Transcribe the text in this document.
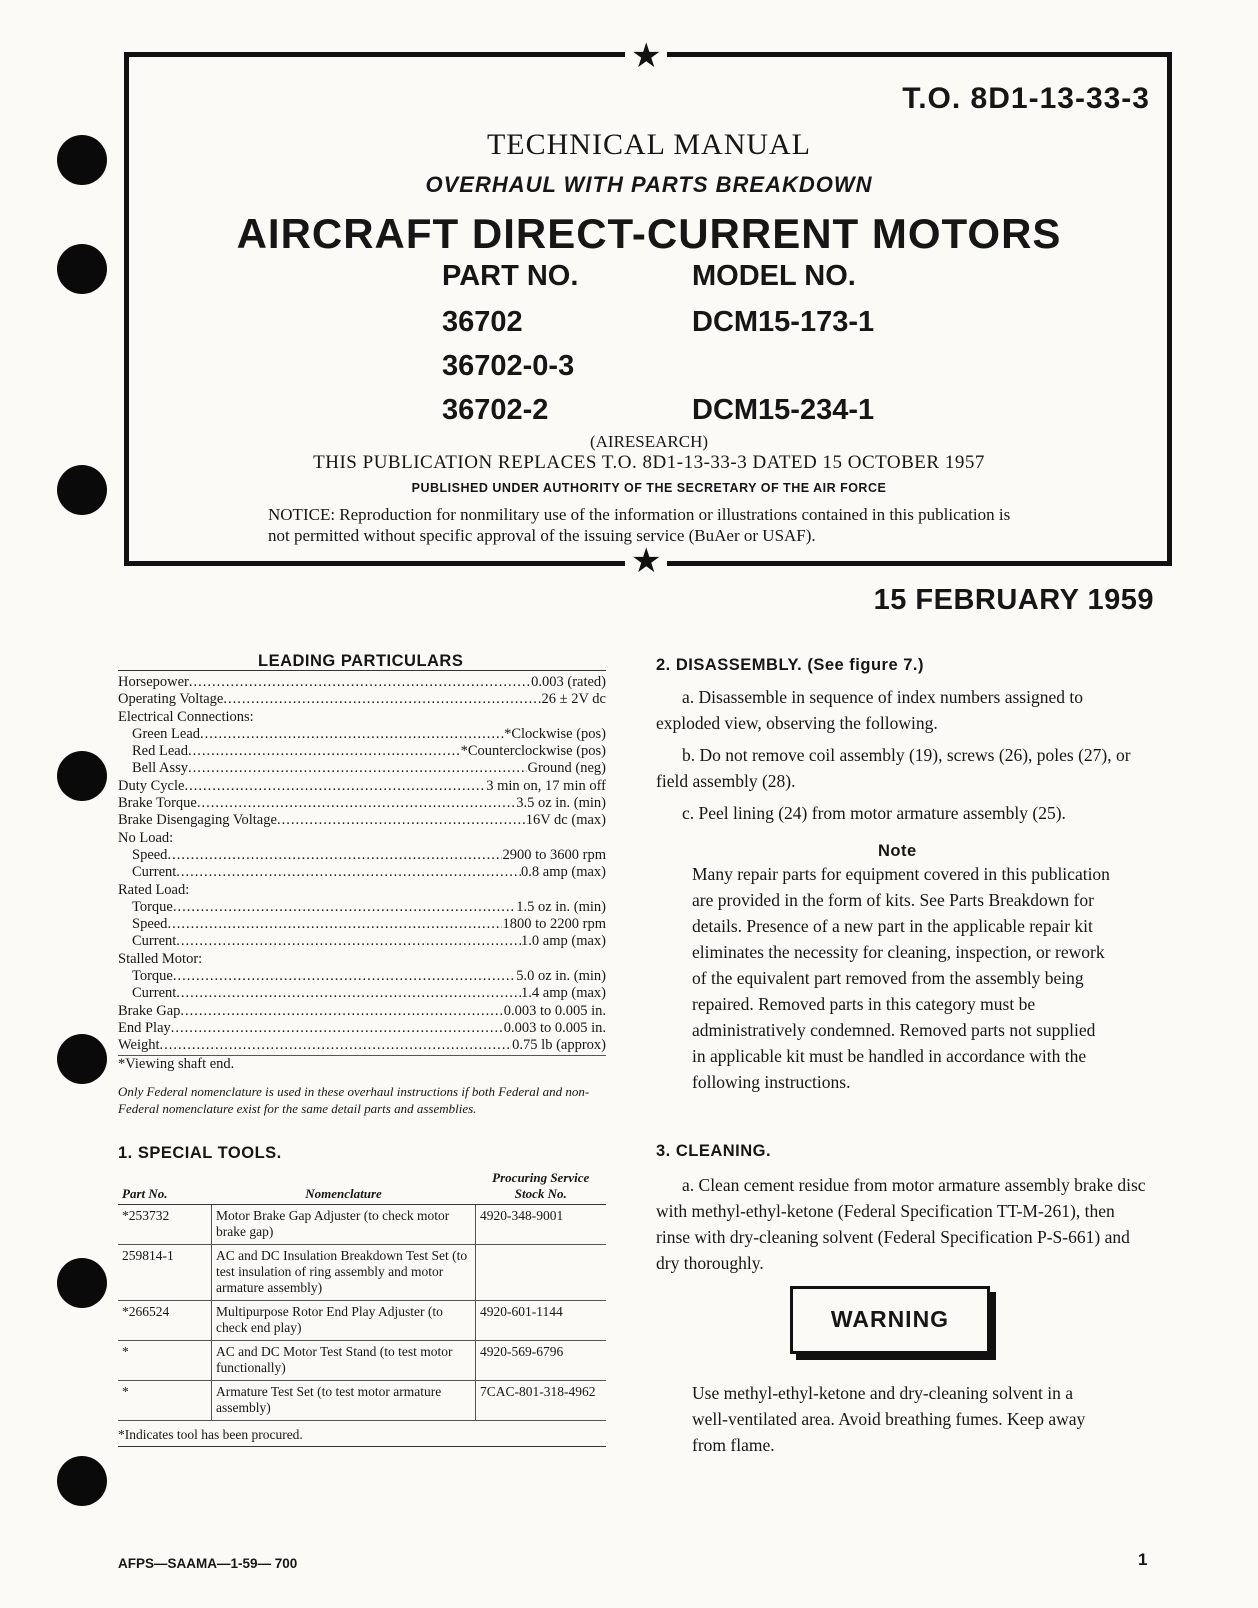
★
★
T.O. 8D1-13-33-3
TECHNICAL MANUAL
OVERHAUL WITH PARTS BREAKDOWN
AIRCRAFT DIRECT-CURRENT MOTORS
PART NO.	MODEL NO.
36702	DCM15-173-1
36702-0-3
36702-2	DCM15-234-1
(AIRESEARCH)
THIS PUBLICATION REPLACES T.O. 8D1-13-33-3 DATED 15 OCTOBER 1957
PUBLISHED UNDER AUTHORITY OF THE SECRETARY OF THE AIR FORCE
NOTICE: Reproduction for nonmilitary use of the information or illustrations contained in this publication is not permitted without specific approval of the issuing service (BuAer or USAF).
15 FEBRUARY 1959
LEADING PARTICULARS
Horsepower .....	0.003 (rated)
Operating Voltage .....	26 ± 2V dc
Electrical Connections:
Green Lead .....	*Clockwise (pos)
Red Lead .....	*Counterclockwise (pos)
Bell Assy .....	Ground (neg)
Duty Cycle .....	3 min on, 17 min off
Brake Torque .....	3.5 oz in. (min)
Brake Disengaging Voltage .....	16V dc (max)
No Load:
Speed .....	2900 to 3600 rpm
Current .....	0.8 amp (max)
Rated Load:
Torque .....	1.5 oz in. (min)
Speed .....	1800 to 2200 rpm
Current .....	1.0 amp (max)
Stalled Motor:
Torque .....	5.0 oz in. (min)
Current .....	1.4 amp (max)
Brake Gap .....	0.003 to 0.005 in.
End Play .....	0.003 to 0.005 in.
Weight .....	0.75 lb (approx)
*Viewing shaft end.
Only Federal nomenclature is used in these overhaul instructions if both Federal and non-Federal nomenclature exist for the same detail parts and assemblies.
1. SPECIAL TOOLS.
Part No.	Nomenclature	Procuring Service
Stock No.

*253732	Motor Brake Gap Adjuster (to check motor brake gap)	4920-348-9001
259814-1	AC and DC Insulation Breakdown Test Set (to test insulation of ring assembly and motor armature assembly)	
*266524	Multipurpose Rotor End Play Adjuster (to check end play)	4920-601-1144
*	AC and DC Motor Test Stand (to test motor functionally)	4920-569-6796
*	Armature Test Set (to test motor armature assembly)	7CAC-801-318-4962
*Indicates tool has been procured.
2. DISASSEMBLY. (See figure 7.)
a. Disassemble in sequence of index numbers assigned to exploded view, observing the following.
b. Do not remove coil assembly (19), screws (26), poles (27), or field assembly (28).
c. Peel lining (24) from motor armature assembly (25).
Note
Many repair parts for equipment covered in this publication are provided in the form of kits. See Parts Breakdown for details. Presence of a new part in the applicable repair kit eliminates the necessity for cleaning, inspection, or rework of the equivalent part removed from the assembly being repaired. Removed parts in this category must be administratively condemned. Removed parts not supplied in applicable kit must be handled in accordance with the following instructions.
3. CLEANING.
a. Clean cement residue from motor armature assembly brake disc with methyl-ethyl-ketone (Federal Specification TT-M-261), then rinse with dry-cleaning solvent (Federal Specification P-S-661) and dry thoroughly.
WARNING
Use methyl-ethyl-ketone and dry-cleaning solvent in a well-ventilated area. Avoid breathing fumes. Keep away from flame.
AFPS—SAAMA—1-59— 700	1
